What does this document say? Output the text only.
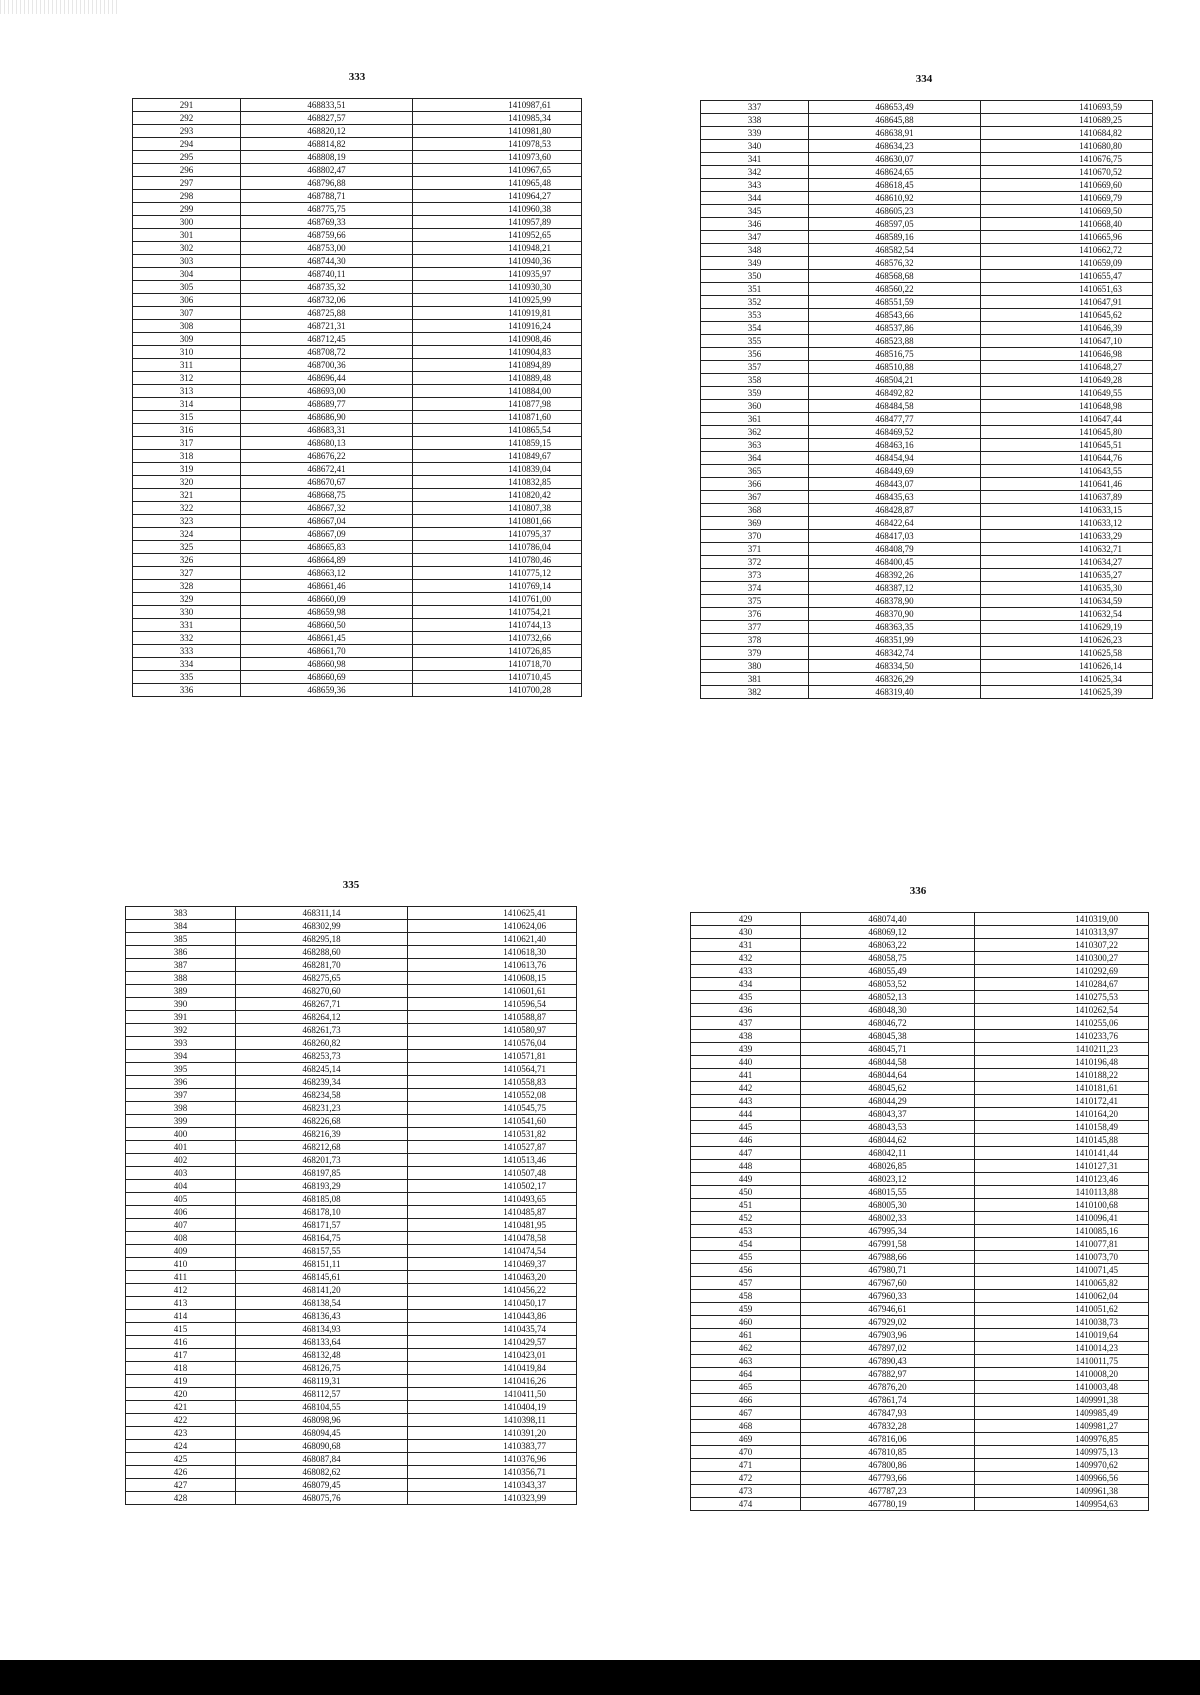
333
291	468833,51	1410987,61
292	468827,57	1410985,34
293	468820,12	1410981,80
294	468814,82	1410978,53
295	468808,19	1410973,60
296	468802,47	1410967,65
297	468796,88	1410965,48
298	468788,71	1410964,27
299	468775,75	1410960,38
300	468769,33	1410957,89
301	468759,66	1410952,65
302	468753,00	1410948,21
303	468744,30	1410940,36
304	468740,11	1410935,97
305	468735,32	1410930,30
306	468732,06	1410925,99
307	468725,88	1410919,81
308	468721,31	1410916,24
309	468712,45	1410908,46
310	468708,72	1410904,83
311	468700,36	1410894,89
312	468696,44	1410889,48
313	468693,00	1410884,00
314	468689,77	1410877,98
315	468686,90	1410871,60
316	468683,31	1410865,54
317	468680,13	1410859,15
318	468676,22	1410849,67
319	468672,41	1410839,04
320	468670,67	1410832,85
321	468668,75	1410820,42
322	468667,32	1410807,38
323	468667,04	1410801,66
324	468667,09	1410795,37
325	468665,83	1410786,04
326	468664,89	1410780,46
327	468663,12	1410775,12
328	468661,46	1410769,14
329	468660,09	1410761,00
330	468659,98	1410754,21
331	468660,50	1410744,13
332	468661,45	1410732,66
333	468661,70	1410726,85
334	468660,98	1410718,70
335	468660,69	1410710,45
336	468659,36	1410700,28
334
337	468653,49	1410693,59
338	468645,88	1410689,25
339	468638,91	1410684,82
340	468634,23	1410680,80
341	468630,07	1410676,75
342	468624,65	1410670,52
343	468618,45	1410669,60
344	468610,92	1410669,79
345	468605,23	1410669,50
346	468597,05	1410668,40
347	468589,16	1410665,96
348	468582,54	1410662,72
349	468576,32	1410659,09
350	468568,68	1410655,47
351	468560,22	1410651,63
352	468551,59	1410647,91
353	468543,66	1410645,62
354	468537,86	1410646,39
355	468523,88	1410647,10
356	468516,75	1410646,98
357	468510,88	1410648,27
358	468504,21	1410649,28
359	468492,82	1410649,55
360	468484,58	1410648,98
361	468477,77	1410647,44
362	468469,52	1410645,80
363	468463,16	1410645,51
364	468454,94	1410644,76
365	468449,69	1410643,55
366	468443,07	1410641,46
367	468435,63	1410637,89
368	468428,87	1410633,15
369	468422,64	1410633,12
370	468417,03	1410633,29
371	468408,79	1410632,71
372	468400,45	1410634,27
373	468392,26	1410635,27
374	468387,12	1410635,30
375	468378,90	1410634,59
376	468370,90	1410632,54
377	468363,35	1410629,19
378	468351,99	1410626,23
379	468342,74	1410625,58
380	468334,50	1410626,14
381	468326,29	1410625,34
382	468319,40	1410625,39
335
383	468311,14	1410625,41
384	468302,99	1410624,06
385	468295,18	1410621,40
386	468288,60	1410618,30
387	468281,70	1410613,76
388	468275,65	1410608,15
389	468270,60	1410601,61
390	468267,71	1410596,54
391	468264,12	1410588,87
392	468261,73	1410580,97
393	468260,82	1410576,04
394	468253,73	1410571,81
395	468245,14	1410564,71
396	468239,34	1410558,83
397	468234,58	1410552,08
398	468231,23	1410545,75
399	468226,68	1410541,60
400	468216,39	1410531,82
401	468212,68	1410527,87
402	468201,73	1410513,46
403	468197,85	1410507,48
404	468193,29	1410502,17
405	468185,08	1410493,65
406	468178,10	1410485,87
407	468171,57	1410481,95
408	468164,75	1410478,58
409	468157,55	1410474,54
410	468151,11	1410469,37
411	468145,61	1410463,20
412	468141,20	1410456,22
413	468138,54	1410450,17
414	468136,43	1410443,86
415	468134,93	1410435,74
416	468133,64	1410429,57
417	468132,48	1410423,01
418	468126,75	1410419,84
419	468119,31	1410416,26
420	468112,57	1410411,50
421	468104,55	1410404,19
422	468098,96	1410398,11
423	468094,45	1410391,20
424	468090,68	1410383,77
425	468087,84	1410376,96
426	468082,62	1410356,71
427	468079,45	1410343,37
428	468075,76	1410323,99
336
429	468074,40	1410319,00
430	468069,12	1410313,97
431	468063,22	1410307,22
432	468058,75	1410300,27
433	468055,49	1410292,69
434	468053,52	1410284,67
435	468052,13	1410275,53
436	468048,30	1410262,54
437	468046,72	1410255,06
438	468045,38	1410233,76
439	468045,71	1410211,23
440	468044,58	1410196,48
441	468044,64	1410188,22
442	468045,62	1410181,61
443	468044,29	1410172,41
444	468043,37	1410164,20
445	468043,53	1410158,49
446	468044,62	1410145,88
447	468042,11	1410141,44
448	468026,85	1410127,31
449	468023,12	1410123,46
450	468015,55	1410113,88
451	468005,30	1410100,68
452	468002,33	1410096,41
453	467995,34	1410085,16
454	467991,58	1410077,81
455	467988,66	1410073,70
456	467980,71	1410071,45
457	467967,60	1410065,82
458	467960,33	1410062,04
459	467946,61	1410051,62
460	467929,02	1410038,73
461	467903,96	1410019,64
462	467897,02	1410014,23
463	467890,43	1410011,75
464	467882,97	1410008,20
465	467876,20	1410003,48
466	467861,74	1409991,38
467	467847,93	1409985,49
468	467832,28	1409981,27
469	467816,06	1409976,85
470	467810,85	1409975,13
471	467800,86	1409970,62
472	467793,66	1409966,56
473	467787,23	1409961,38
474	467780,19	1409954,63
